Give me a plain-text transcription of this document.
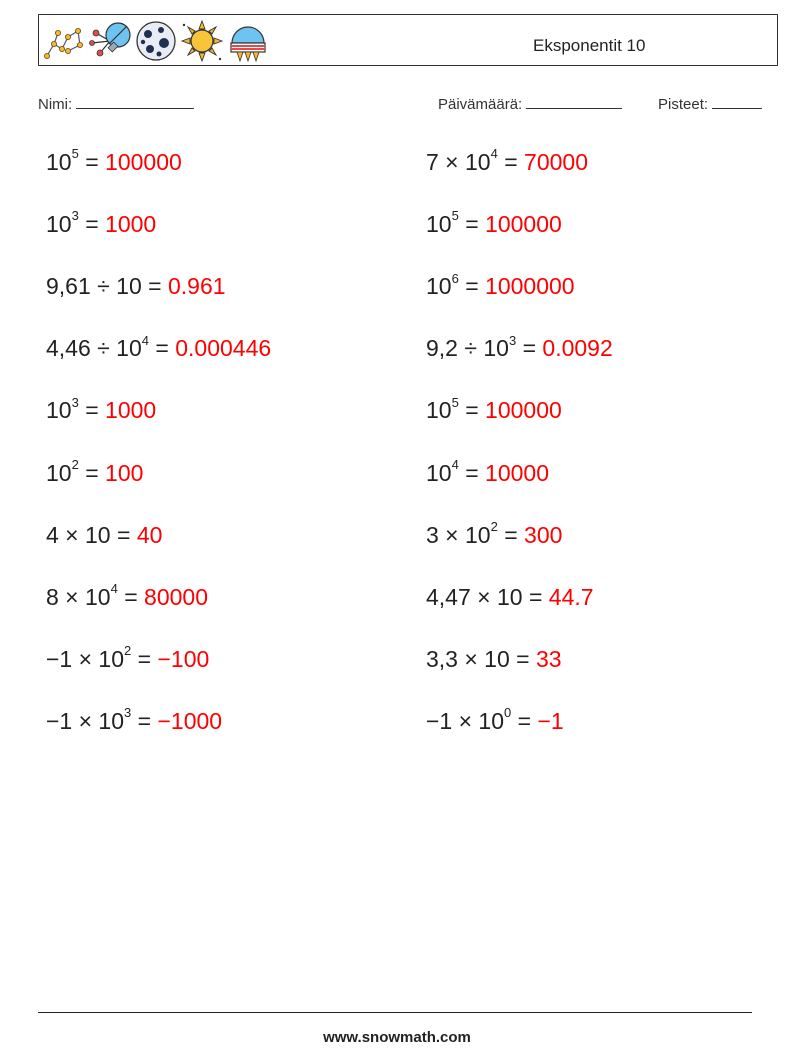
Eksponentit 10
Nimi:	Päivämäärä:	Pisteet:
$10^5 = 100000$
$10^3 = 1000$
9,61 ÷ 10 = 0.961
$4,46 \div 10^4 = 0.000446$
$10^3 = 1000$
$10^2 = 100$
4 × 10 = 40
$8 \times 10^4 = 80000$
$-1 \times 10^2 = -100$
$-1 \times 10^3 = -1000$
$7 \times 10^4 = 70000$
$10^5 = 100000$
$10^6 = 1000000$
$9,2 \div 10^3 = 0.0092$
$10^5 = 100000$
$10^4 = 10000$
$3 \times 10^2 = 300$
4,47 × 10 = 44.7
3,3 × 10 = 33
$-1 \times 10^0 = -1$
www.snowmath.com
